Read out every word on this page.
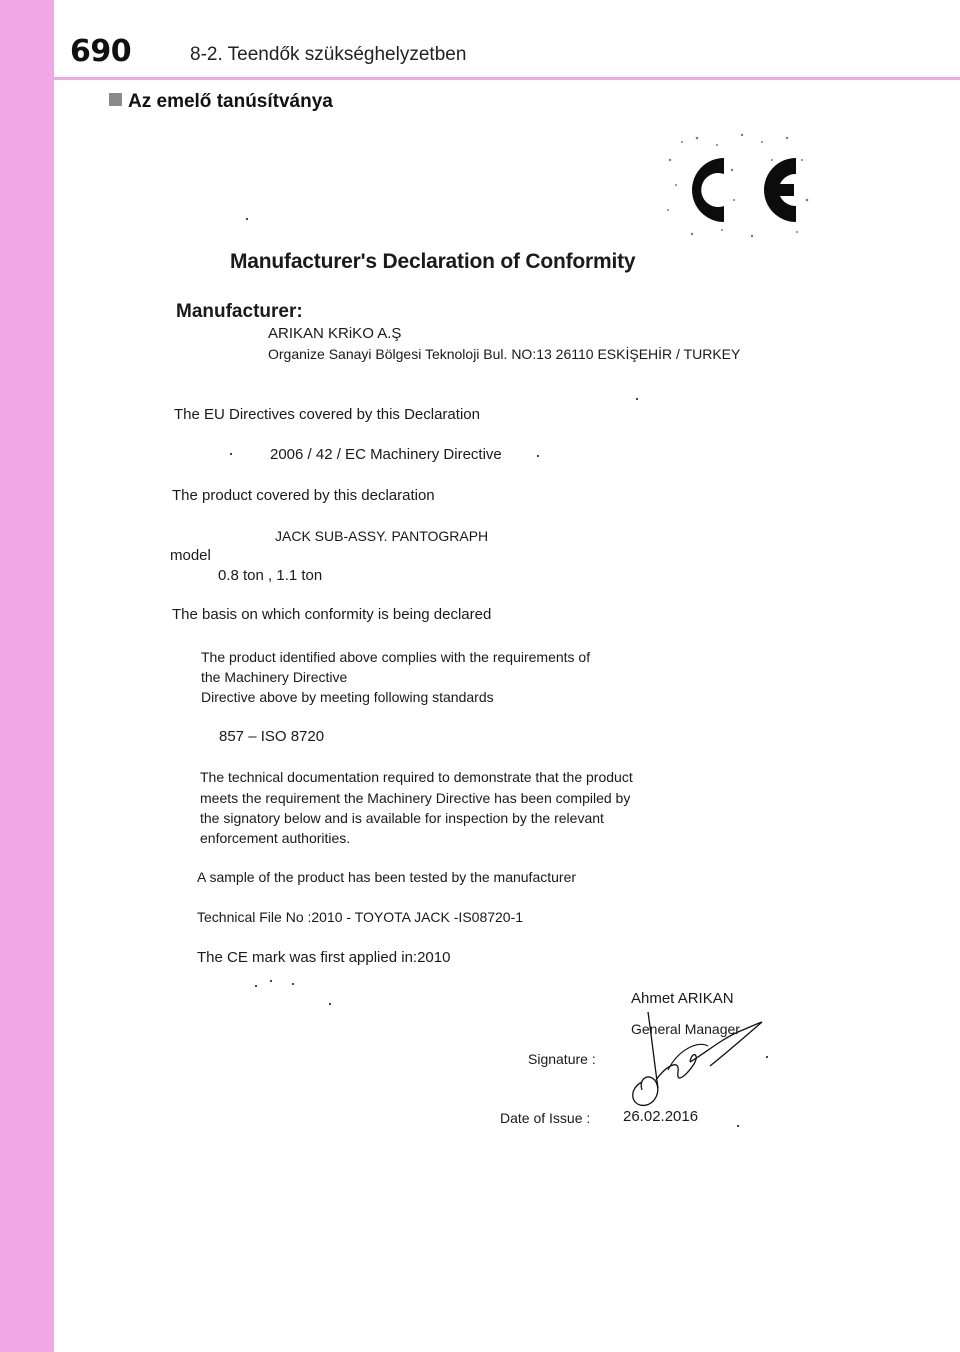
690	8-2. Teendők szükséghelyzetben
Az emelő tanúsítványa
Manufacturer's Declaration of Conformity
Manufacturer:
ARIKAN KRiKO A.Ş
Organize Sanayi Bölgesi Teknoloji Bul. NO:13 26110 ESKİŞEHİR / TURKEY
The EU Directives covered by this Declaration
2006 / 42 / EC Machinery Directive
The product covered by this declaration
JACK SUB-ASSY. PANTOGRAPH
model
0.8 ton , 1.1 ton
The basis on which conformity is being declared
The product identified above complies with the requirements of
the Machinery Directive
Directive above by meeting following standards
857 – ISO 8720
The technical documentation required to demonstrate that the product
meets the requirement the Machinery Directive has been compiled by
the signatory below and is available for inspection by the relevant
enforcement authorities.
A sample of the product has been tested by the manufacturer
Technical File No :2010 - TOYOTA JACK -IS08720-1
The CE mark was first applied in:2010
Ahmet ARIKAN
General Manager
Signature :
Date of Issue : 26.02.2016
